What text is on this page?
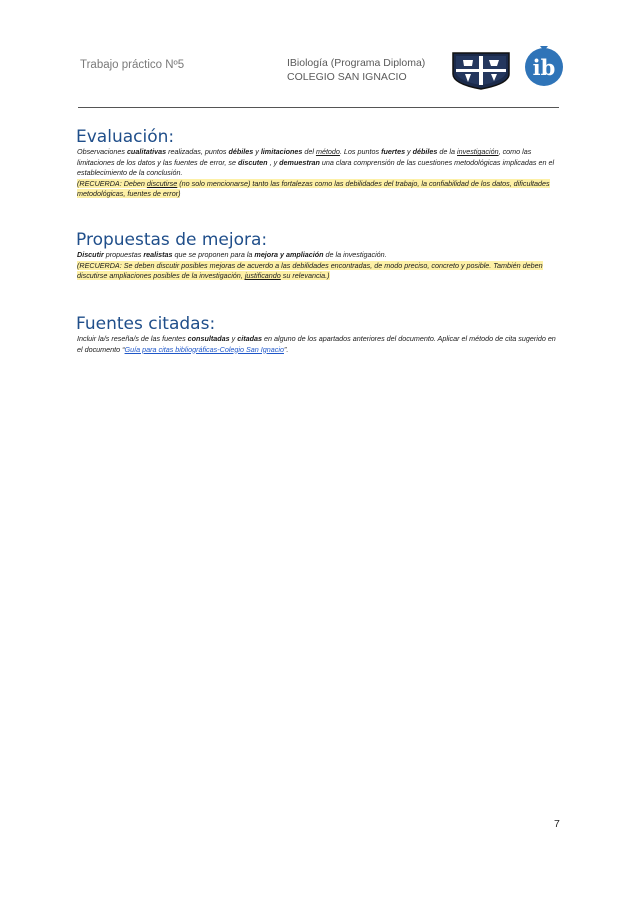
Trabajo práctico Nº5	IBiología (Programa Diploma)
COLEGIO SAN IGNACIO	ib
Evaluación:

Observaciones cualitativas realizadas, puntos débiles y limitaciones del método. Los puntos fuertes y débiles de la investigación, como las limitaciones de los datos y las fuentes de error, se discuten , y demuestran una clara comprensión de las cuestiones metodológicas implicadas en el establecimiento de la conclusión.

(RECUERDA: Deben discutirse (no solo mencionarse) tanto las fortalezas como las debilidades del trabajo, la confiabilidad de los datos, dificultades metodológicas, fuentes de error)

Propuestas de mejora:

Discutir propuestas realistas que se proponen para la mejora y ampliación de la investigación.

(RECUERDA: Se deben discutir posibles mejoras de acuerdo a las debilidades encontradas, de modo preciso, concreto y posible. También deben discutirse ampliaciones posibles de la investigación, justificando su relevancia.)

Fuentes citadas:

Incluir la/s reseña/s de las fuentes consultadas y citadas en alguno de los apartados anteriores del documento. Aplicar el método de cita sugerido en el documento “Guía para citas bibliográficas-Colegio San Ignacio”.

7
